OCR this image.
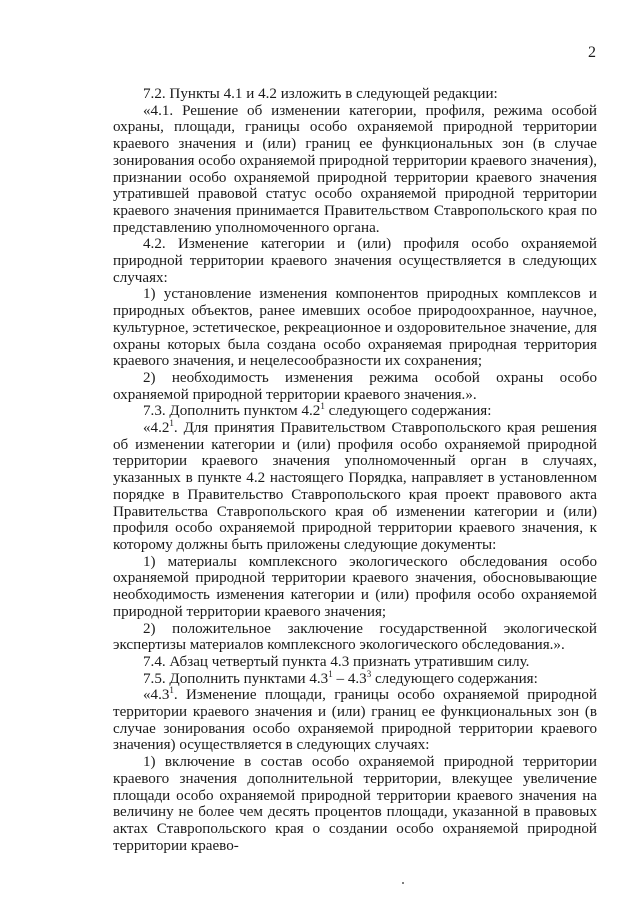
2

7.2. Пункты 4.1 и 4.2 изложить в следующей редакции:

«4.1. Решение об изменении категории, профиля, режима особой охраны, площади, границы особо охраняемой природной территории краевого значения и (или) границ ее функциональных зон (в случае зонирования особо охраняемой природной территории краевого значения), признании особо охраняемой природной территории краевого значения утратившей правовой статус особо охраняемой природной территории краевого значения принимается Правительством Ставропольского края по представлению уполномоченного органа.

4.2. Изменение категории и (или) профиля особо охраняемой природной территории краевого значения осуществляется в следующих случаях:

1) установление изменения компонентов природных комплексов и природных объектов, ранее имевших особое природоохранное, научное, культурное, эстетическое, рекреационное и оздоровительное значение, для охраны которых была создана особо охраняемая природная территория краевого значения, и нецелесообразности их сохранения;

2) необходимость изменения режима особой охраны особо охраняемой природной территории краевого значения.».

7.3. Дополнить пунктом $4.2^1$ следующего содержания:

«$4.2^1$. Для принятия Правительством Ставропольского края решения об изменении категории и (или) профиля особо охраняемой природной территории краевого значения уполномоченный орган в случаях, указанных в пункте 4.2 настоящего Порядка, направляет в установленном порядке в Правительство Ставропольского края проект правового акта Правительства Ставропольского края об изменении категории и (или) профиля особо охраняемой природной территории краевого значения, к которому должны быть приложены следующие документы:

1) материалы комплексного экологического обследования особо охраняемой природной территории краевого значения, обосновывающие необходимость изменения категории и (или) профиля особо охраняемой природной территории краевого значения;

2) положительное заключение государственной экологической экспертизы материалов комплексного экологического обследования.».

7.4. Абзац четвертый пункта 4.3 признать утратившим силу.

7.5. Дополнить пунктами $4.3^1 - 4.3^3$ следующего содержания:

«$4.3^1$. Изменение площади, границы особо охраняемой природной территории краевого значения и (или) границ ее функциональных зон (в случае зонирования особо охраняемой природной территории краевого значения) осуществляется в следующих случаях:

1) включение в состав особо охраняемой природной территории краевого значения дополнительной территории, влекущее увеличение площади особо охраняемой природной территории краевого значения на величину не более чем десять процентов площади, указанной в правовых актах Ставропольского края о создании особо охраняемой природной территории краево-
